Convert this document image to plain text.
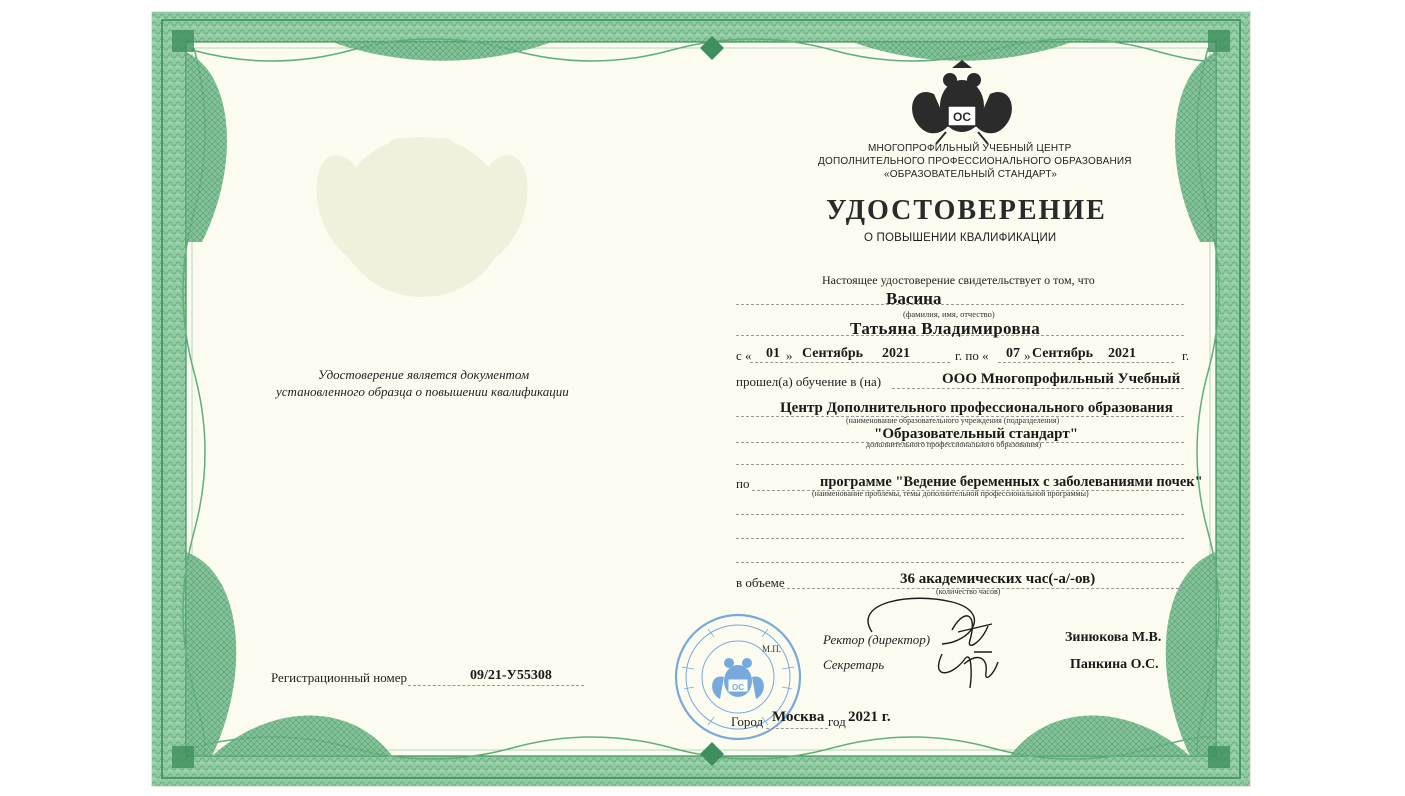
ОС
ОС
Удостоверение является документом
установленного образца о повышении квалификации
Регистрационный номер	09/21-У55308
МНОГОПРОФИЛЬНЫЙ УЧЕБНЫЙ ЦЕНТР
ДОПОЛНИТЕЛЬНОГО ПРОФЕССИОНАЛЬНОГО ОБРАЗОВАНИЯ
«ОБРАЗОВАТЕЛЬНЫЙ СТАНДАРТ»
УДОСТОВЕРЕНИЕ
О ПОВЫШЕНИИ КВАЛИФИКАЦИИ
Настоящее удостоверение свидетельствует о том, что
Васина
(фамилия, имя, отчество)
Татьяна Владимировна
с « 01 » Сентябрь 2021	г. по « 07 » Сентябрь 2021	г.
прошел(а) обучение в (на)	ООО Многопрофильный Учебный
Центр Дополнительного профессионального образования
(наименование образовательного учреждения (подразделения)
"Образовательный стандарт"
дополнительного профессионального образования)
по	программе "Ведение беременных с заболеваниями почек"
(наименование проблемы, темы дополнительной профессиональной программы)
в объеме	36 академических час(-а/-ов)
(количество часов)
М.П.
Ректор (директор)	Зинюкова М.В.
Секретарь	Панкина О.С.
Город Москва год 2021 г.
